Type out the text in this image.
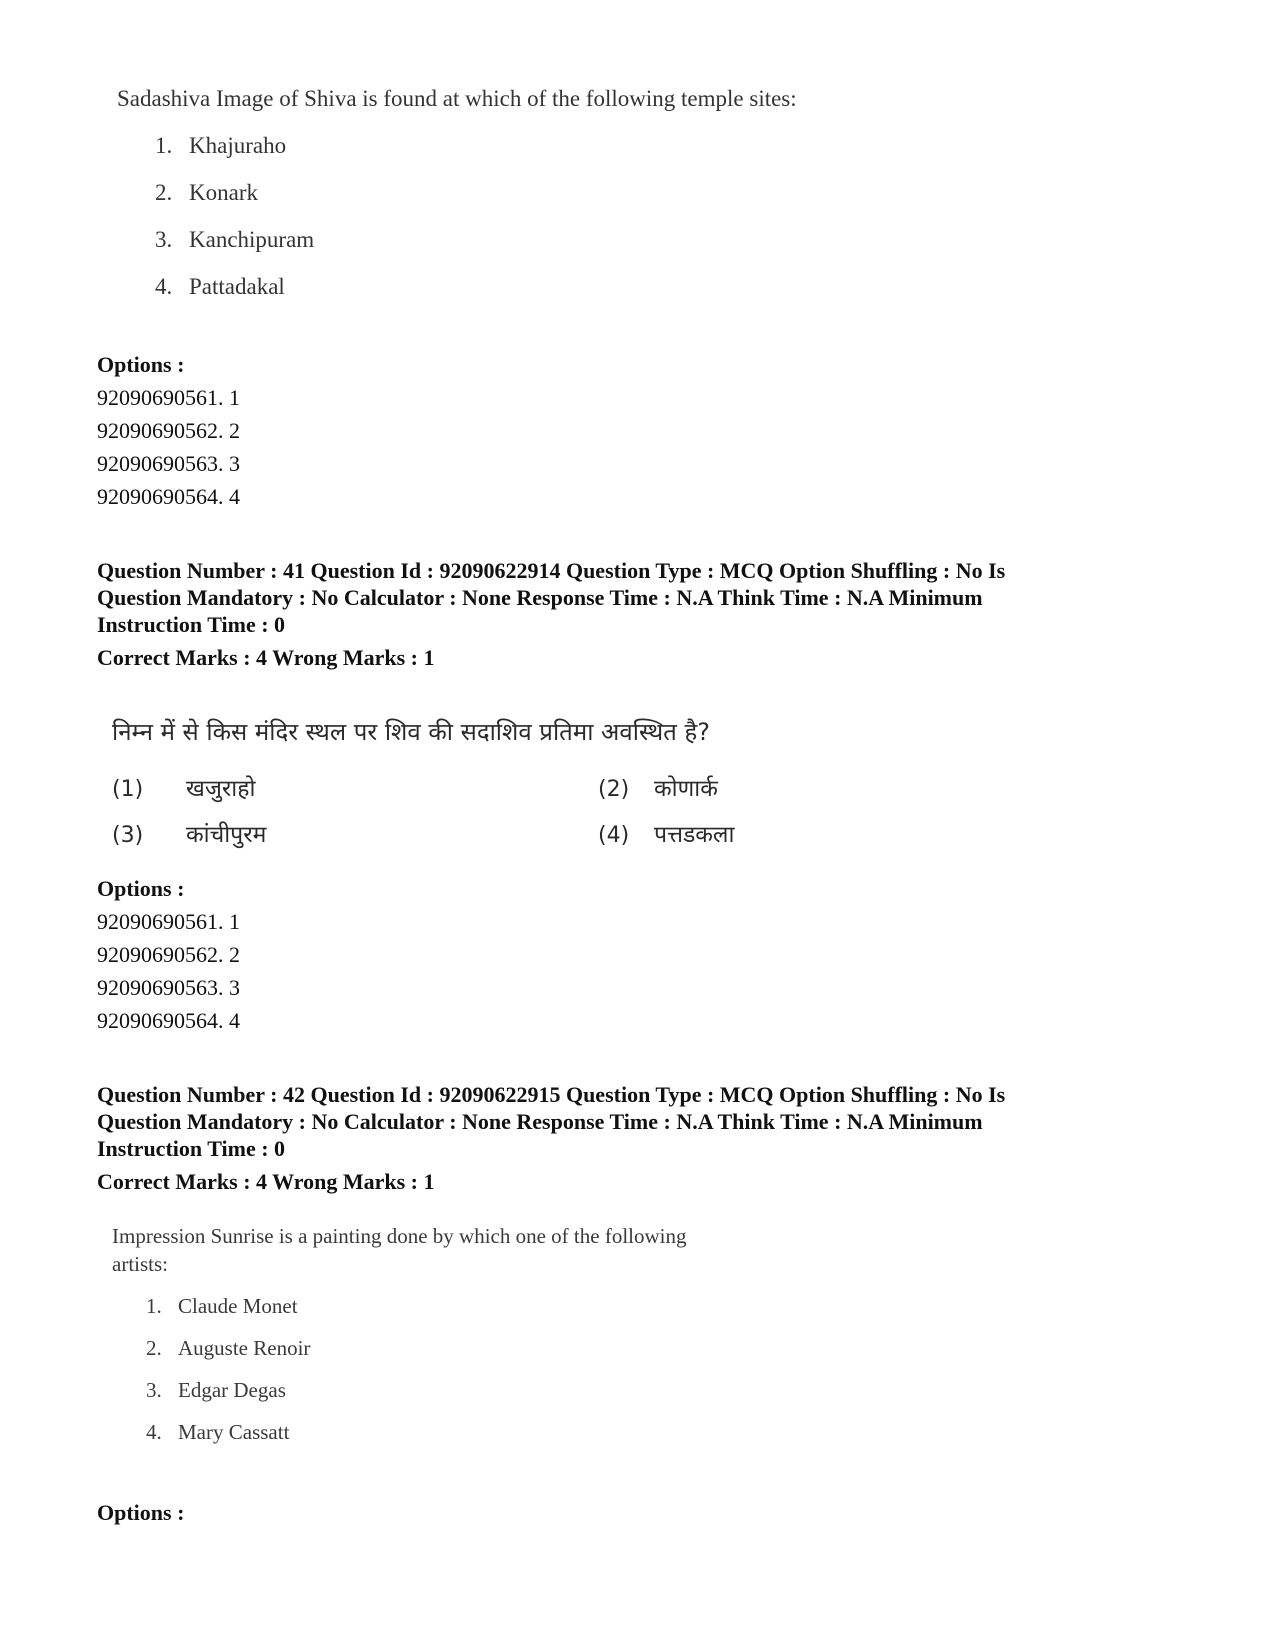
Sadashiva Image of Shiva is found at which of the following temple sites:

1. Khajuraho
2. Konark
3. Kanchipuram
4. Pattadakal
Options :
92090690561. 1
92090690562. 2
92090690563. 3
92090690564. 4
Question Number : 41 Question Id : 92090622914 Question Type : MCQ Option Shuffling : No Is
Question Mandatory : No Calculator : None Response Time : N.A Think Time : N.A Minimum
Instruction Time : 0
Correct Marks : 4 Wrong Marks : 1
निम्न में से किस मंदिर स्थल पर शिव की सदाशिव प्रतिमा अवस्थित है?
(1) खजुराहो	(2) कोणार्क
(3) कांचीपुरम	(4) पत्तडकला
Options :
92090690561. 1
92090690562. 2
92090690563. 3
92090690564. 4
Question Number : 42 Question Id : 92090622915 Question Type : MCQ Option Shuffling : No Is
Question Mandatory : No Calculator : None Response Time : N.A Think Time : N.A Minimum
Instruction Time : 0
Correct Marks : 4 Wrong Marks : 1
Impression Sunrise is a painting done by which one of the following
artists:
1. Claude Monet
2. Auguste Renoir
3. Edgar Degas
4. Mary Cassatt
Options :
